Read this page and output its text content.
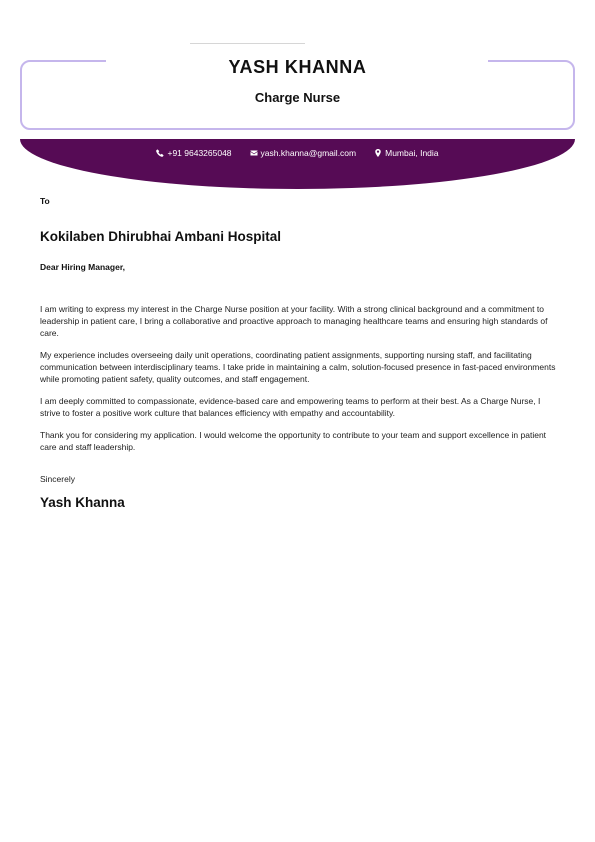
YASH KHANNA
Charge Nurse
+91 9643265048	yash.khanna@gmail.com	Mumbai, India
To
Kokilaben Dhirubhai Ambani Hospital
Dear Hiring Manager,

I am writing to express my interest in the Charge Nurse position at your facility. With a strong clinical background and a commitment to leadership in patient care, I bring a collaborative and proactive approach to managing healthcare teams and ensuring high standards of care.

My experience includes overseeing daily unit operations, coordinating patient assignments, supporting nursing staff, and facilitating communication between interdisciplinary teams. I take pride in maintaining a calm, solution-focused presence in fast-paced environments while promoting patient safety, quality outcomes, and staff engagement.

I am deeply committed to compassionate, evidence-based care and empowering teams to perform at their best. As a Charge Nurse, I strive to foster a positive work culture that balances efficiency with empathy and accountability.

Thank you for considering my application. I would welcome the opportunity to contribute to your team and support excellence in patient care and staff leadership.

Sincerely
Yash Khanna
